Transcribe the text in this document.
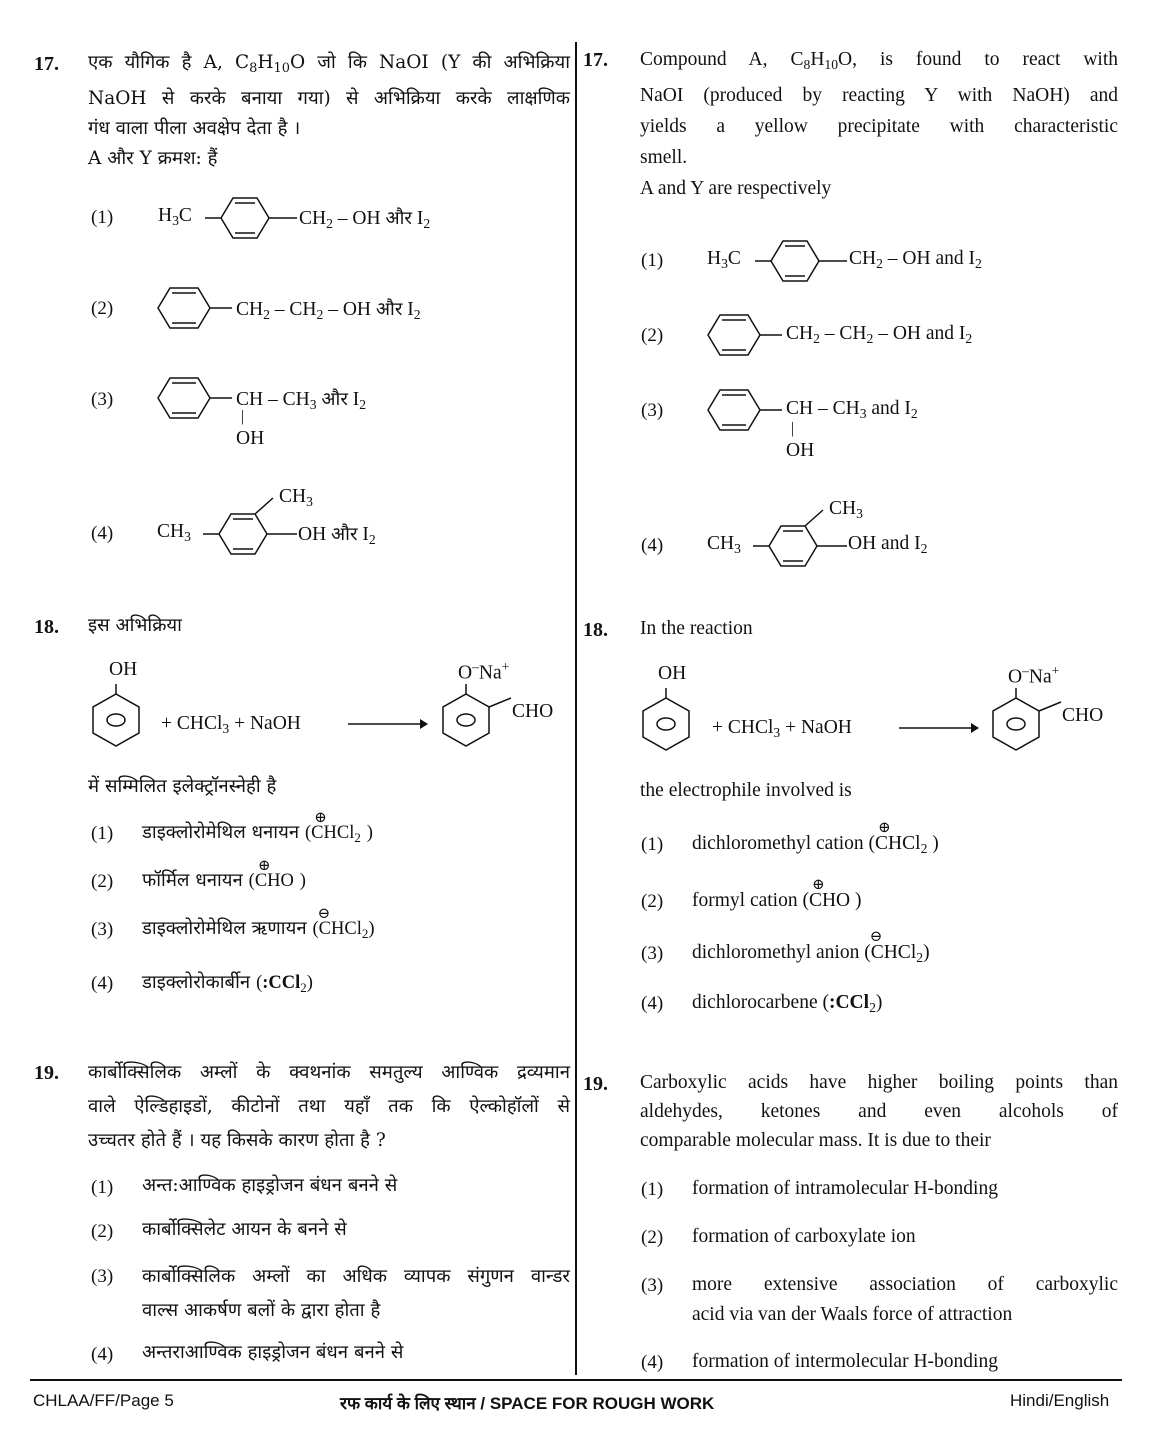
17. एक यौगिक है A, $C_8H_{10}O$ जो कि NaOI (Y की अभिक्रिया
NaOH से करके बनाया गया) से अभिक्रिया करके लाक्षणिक
गंध वाला पीला अवक्षेप देता है ।
A और Y क्रमश: हैं
(1) $H_3C$	$CH_2$ – OH और $I_2$
(2)	$CH_2 - CH_2$ – OH और $I_2$
(3)	CH – $CH_3$ और $I_2$
|
OH
(4) $CH_3$
$CH_3$
OH और $I_2$
18. इस अभिक्रिया
OH
+ CHCl$_3$ + NaOH
O–Na+
CHO
में सम्मिलित इलेक्ट्रॉनस्नेही है
(1) डाइक्लोरोमेथिल धनायन (
⊕
CHCl$_2$ )
(2) फॉर्मिल धनायन (
⊕
CHO )
(3) डाइक्लोरोमेथिल ऋणायन (
⊖
CHCl$_2$)
(4) डाइक्लोरोकार्बीन (:CCl$_2$)
19. कार्बोक्सिलिक अम्लों के क्वथनांक समतुल्य आण्विक द्रव्यमान
वाले ऐल्डिहाइडों, कीटोनों तथा यहाँ तक कि ऐल्कोहॉलों से
उच्चतर होते हैं । यह किसके कारण होता है ?
(1) अन्त:आण्विक हाइड्रोजन बंधन बनने से
(2) कार्बोक्सिलेट आयन के बनने से
(3) कार्बोक्सिलिक अम्लों का अधिक व्यापक संगुणन वान्डर
वाल्स आकर्षण बलों के द्वारा होता है
(4) अन्तराआण्विक हाइड्रोजन बंधन बनने से
17. Compound A, $C_8H_{10}O$, is found to react with
NaOI (produced by reacting Y with NaOH) and
yields a yellow precipitate with characteristic
smell.
A and Y are respectively
(1) $H_3C$	$CH_2$ – OH and $I_2$
(2)	$CH_2 - CH_2$ – OH and $I_2$
(3)	CH – $CH_3$ and $I_2$
|
OH
(4) $CH_3$
$CH_3$
OH and $I_2$
18. In the reaction
OH
+ CHCl$_3$ + NaOH
O–Na+
CHO
the electrophile involved is
(1) dichloromethyl cation (
⊕
CHCl$_2$ )
(2) formyl cation (
⊕
CHO )
(3) dichloromethyl anion (
⊖
CHCl$_2$)
(4) dichlorocarbene (:CCl$_2$)
19. Carboxylic acids have higher boiling points than
aldehydes, ketones and even alcohols of
comparable molecular mass. It is due to their
(1) formation of intramolecular H-bonding
(2) formation of carboxylate ion
(3) more extensive association of carboxylic
acid via van der Waals force of attraction
(4) formation of intermolecular H-bonding
CHLAA/FF/Page 5	रफ कार्य के लिए स्थान / SPACE FOR ROUGH WORK	Hindi/English
